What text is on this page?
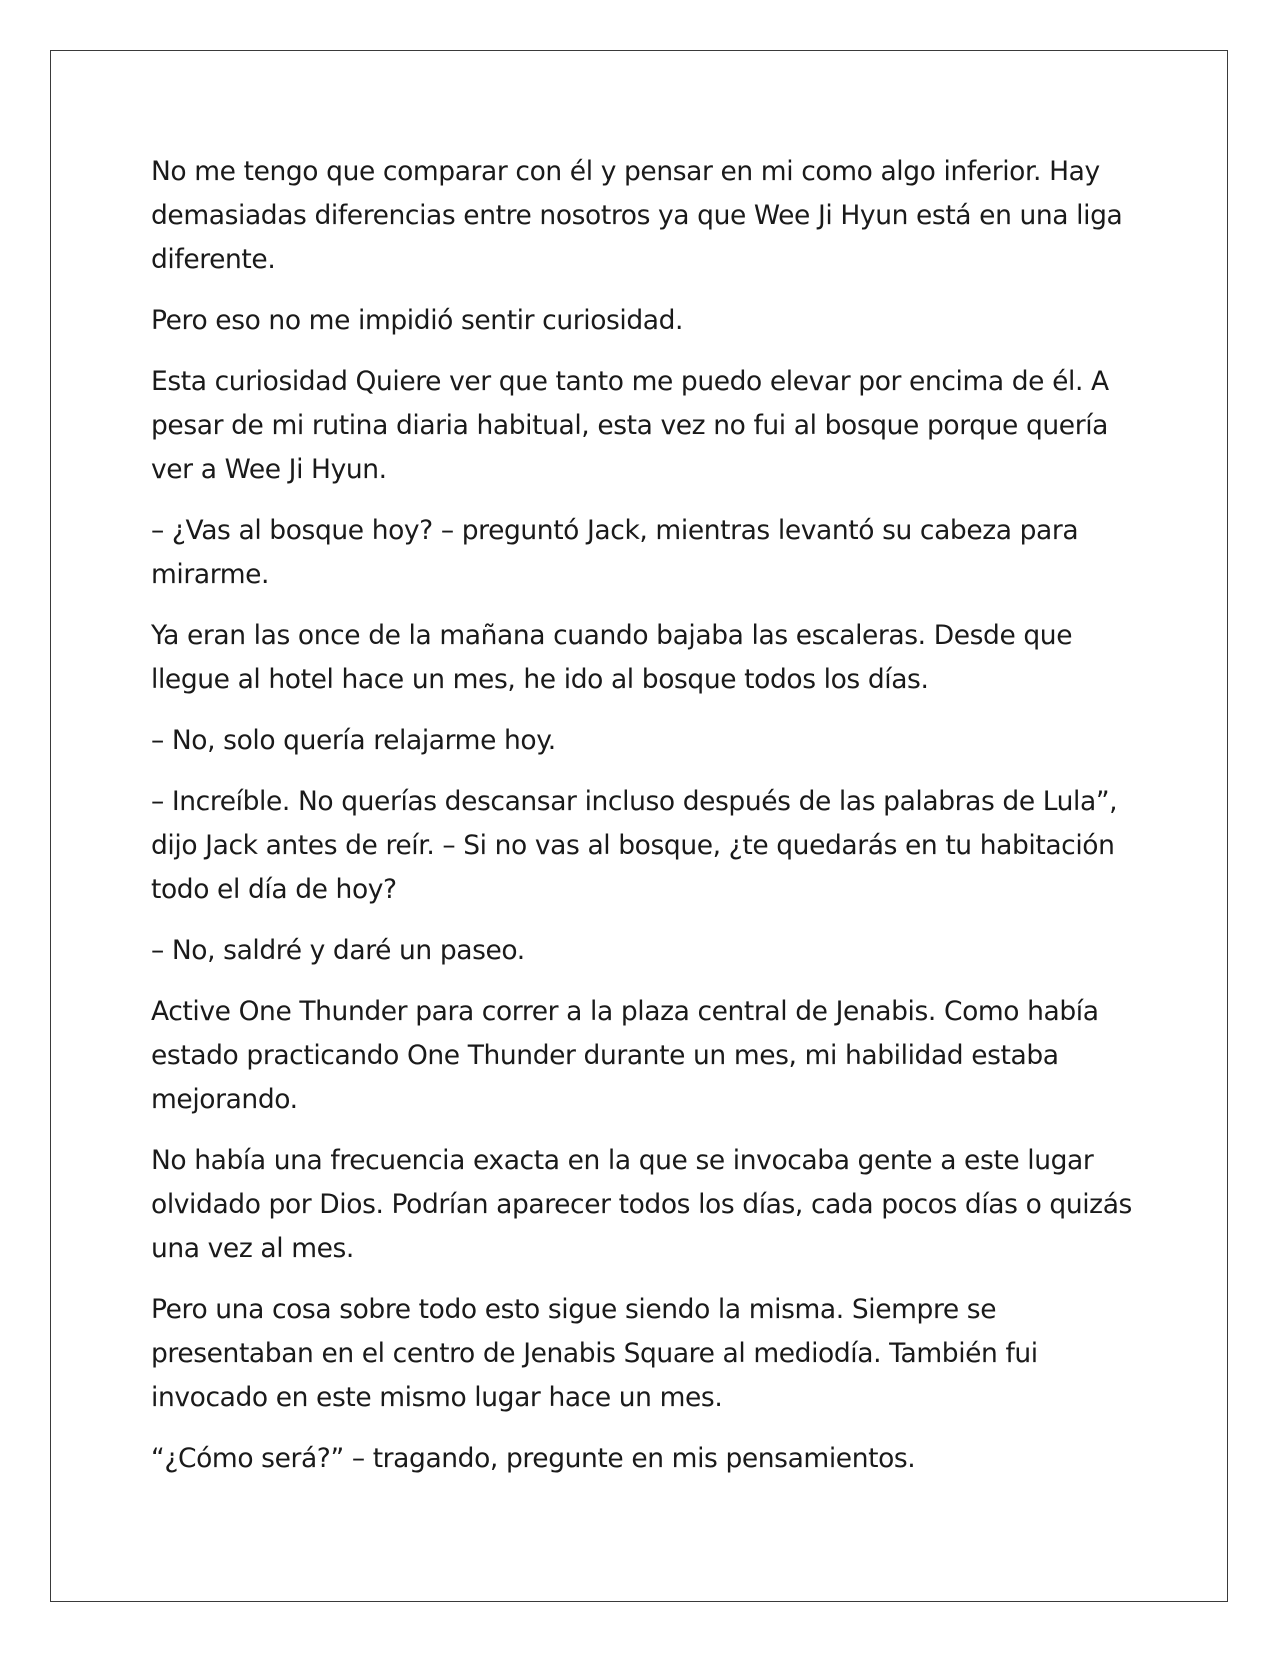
No me tengo que comparar con él y pensar en mi como algo inferior. Hay demasiadas diferencias entre nosotros ya que Wee Ji Hyun está en una liga diferente.

Pero eso no me impidió sentir curiosidad.

Esta curiosidad Quiere ver que tanto me puedo elevar por encima de él. A pesar de mi rutina diaria habitual, esta vez no fui al bosque porque quería ver a Wee Ji Hyun.

– ¿Vas al bosque hoy? – preguntó Jack, mientras levantó su cabeza para mirarme.

Ya eran las once de la mañana cuando bajaba las escaleras. Desde que llegue al hotel hace un mes, he ido al bosque todos los días.

– No, solo quería relajarme hoy.

– Increíble. No querías descansar incluso después de las palabras de Lula”, dijo Jack antes de reír. – Si no vas al bosque, ¿te quedarás en tu habitación todo el día de hoy?

– No, saldré y daré un paseo.

Active One Thunder para correr a la plaza central de Jenabis. Como había estado practicando One Thunder durante un mes, mi habilidad estaba mejorando.

No había una frecuencia exacta en la que se invocaba gente a este lugar olvidado por Dios. Podrían aparecer todos los días, cada pocos días o quizás una vez al mes.

Pero una cosa sobre todo esto sigue siendo la misma. Siempre se presentaban en el centro de Jenabis Square al mediodía. También fui invocado en este mismo lugar hace un mes.

“¿Cómo será?” – tragando, pregunte en mis pensamientos.
